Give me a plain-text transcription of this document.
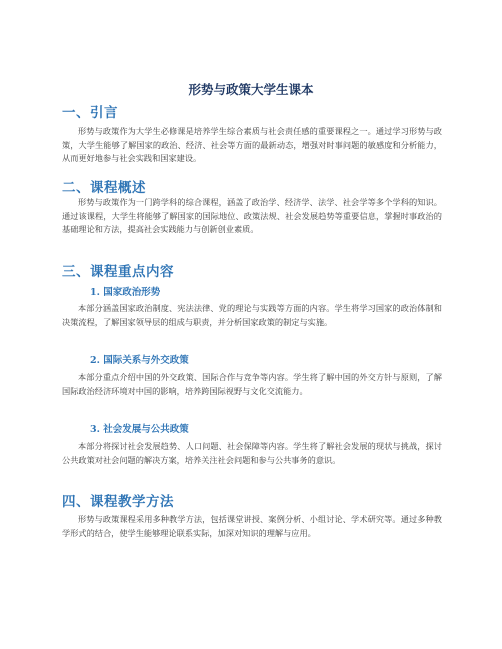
形势与政策大学生课本
一、引言

形势与政策作为大学生必修课是培养学生综合素质与社会责任感的重要课程之一。通过学习形势与政策，大学生能够了解国家的政治、经济、社会等方面的最新动态，增强对时事问题的敏感度和分析能力，从而更好地参与社会实践和国家建设。

二、课程概述

形势与政策作为一门跨学科的综合课程，涵盖了政治学、经济学、法学、社会学等多个学科的知识。通过该课程，大学生将能够了解国家的国际地位、政策法规、社会发展趋势等重要信息，掌握时事政治的基础理论和方法，提高社会实践能力与创新创业素质。

三、课程重点内容
1. 国家政治形势

本部分涵盖国家政治制度、宪法法律、党的理论与实践等方面的内容。学生将学习国家的政治体制和决策流程，了解国家领导层的组成与职责，并分析国家政策的制定与实施。

2. 国际关系与外交政策

本部分重点介绍中国的外交政策、国际合作与竞争等内容。学生将了解中国的外交方针与原则，了解国际政治经济环境对中国的影响，培养跨国际视野与文化交流能力。

3. 社会发展与公共政策

本部分将探讨社会发展趋势、人口问题、社会保障等内容。学生将了解社会发展的现状与挑战，探讨公共政策对社会问题的解决方案，培养关注社会问题和参与公共事务的意识。

四、课程教学方法

形势与政策课程采用多种教学方法，包括课堂讲授、案例分析、小组讨论、学术研究等。通过多种教学形式的结合，使学生能够理论联系实际，加深对知识的理解与应用。
